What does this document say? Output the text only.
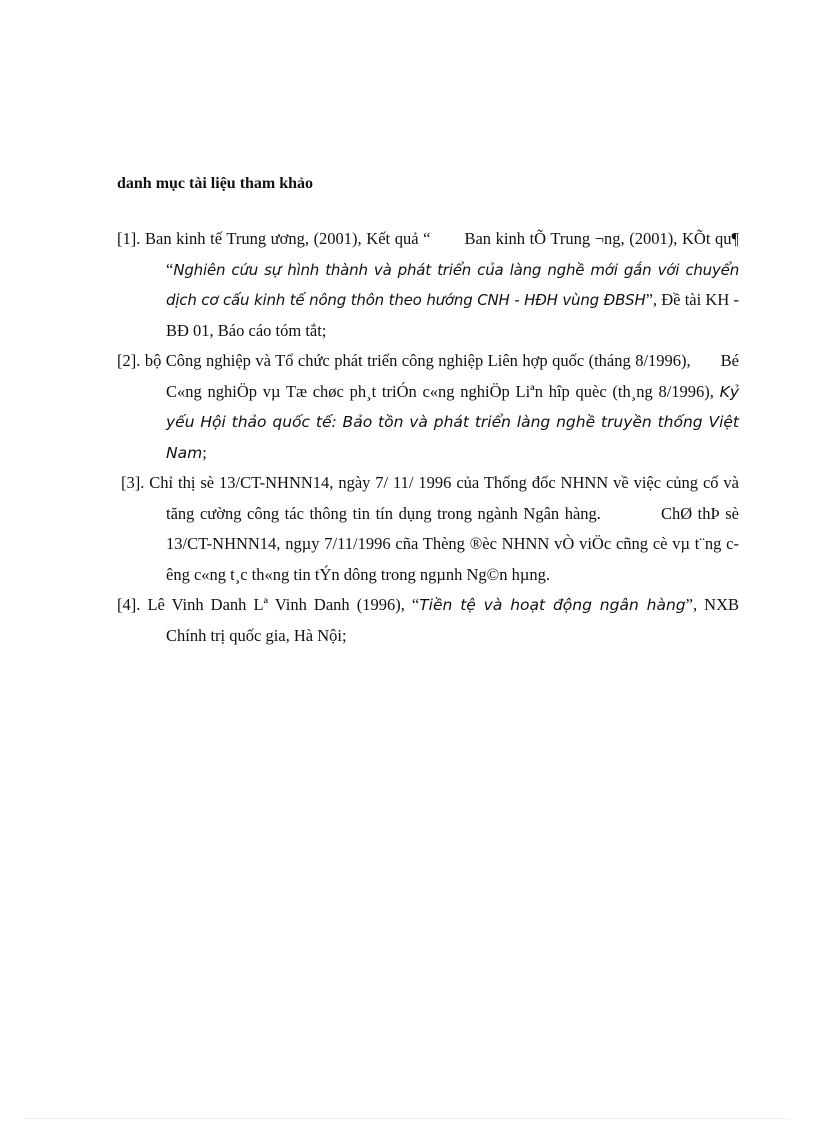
danh mục tài liệu tham khảo

[1]. Ban kinh tế Trung ương, (2001), Kết quả “ Ban kinh tÕ Trung ¬ng, (2001), KÕt qu¶ “Nghiên cứu sự hình thành và phát triển của làng nghề mới gắn với chuyển dịch cơ cấu kinh tế nông thôn theo hướng CNH - HĐH vùng ĐBSH”, Đề tài KH - BĐ 01, Báo cáo tóm tắt;

[2]. bộ Công nghiệp và Tổ chức phát triển công nghiệp Liên hợp quốc (tháng 8/1996), Bé C«ng nghiÖp vµ Tæ chøc ph¸t triÓn c«ng nghiÖp Liªn hîp quèc (th¸ng 8/1996), Kỷ yếu Hội thảo quốc tế: Bảo tồn và phát triển làng nghề truyền thống Việt Nam;

[3]. Chỉ thị sè 13/CT-NHNN14, ngày 7/ 11/ 1996 của Thống đốc NHNN về việc củng cố và tăng cường công tác thông tin tín dụng trong ngành Ngân hàng.	ChØ thÞ sè 13/CT-NHNN14, ngµy 7/11/1996 cña Thèng ®èc NHNN vÒ viÖc cñng cè vµ t¨ng cêng c«ng t¸c th«ng tin tÝn dông trong ngµnh Ng©n hµng.

[4]. Lê Vinh Danh Lª Vinh Danh (1996), “Tiền tệ và hoạt động ngân hàng”, NXB Chính trị quốc gia, Hà Nội;
